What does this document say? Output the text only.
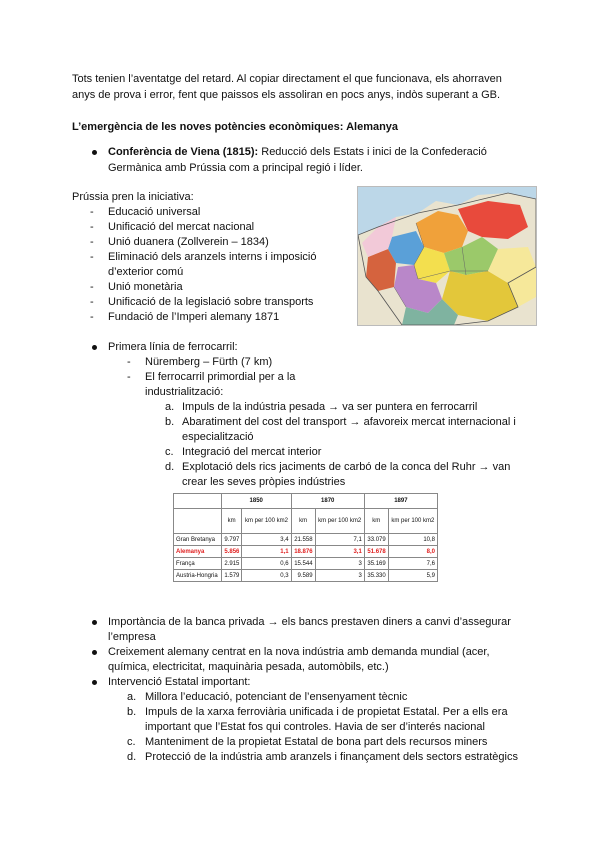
Tots tenien l’aventatge del retard. Al copiar directament el que funcionava, els ahorraven

anys de prova i error, fent que paissos els assoliran en pocs anys, indòs superant a GB.

L’emergència de les noves potències econòmiques: Alemanya

Conferència de Viena (1815): Reducció dels Estats i inici de la Confederació

Germànica amb Prússia com a principal regió i líder.

Prússia pren la iniciativa:

- Educació universal

- Unificació del mercat nacional

- Unió duanera (Zollverein – 1834)

- Eliminació dels aranzels interns i imposició

d’exterior comú

- Unió monetària

- Unificació de la legislació sobre transports

- Fundació de l’Imperi alemany 1871

Primera línia de ferrocarril:

- Nüremberg – Fürth (7 km)

- El ferrocarril primordial per a la

industrialització:

a. Impuls de la indústria pesada → va ser puntera en ferrocarril

b. Abaratiment del cost del transport → afavoreix mercat internacional i

especialització

c. Integració del mercat interior

d. Explotació dels rics jaciments de carbó de la conca del Ruhr → van

crear les seves pròpies indústries

	1850		1870		1897	
	km	km per 100 km2	km	km per 100 km2	km	km per 100 km2
Gran Bretanya	9.797	3,4	21.558	7,1	33.079	10,8
Alemanya	5.856	1,1	18.876	3,1	51.678	8,0
França	2.915	0,6	15.544	3	35.169	7,6
Austria-Hongria	1.579	0,3	9.589	3	35.330	5,9

Importància de la banca privada → els bancs prestaven diners a canvi d’assegurar

l’empresa

Creixement alemany centrat en la nova indústria amb demanda mundial (acer,

química, electricitat, maquinària pesada, automòbils, etc.)

Intervenció Estatal important:

a. Millora l’educació, potenciant de l’ensenyament tècnic

b. Impuls de la xarxa ferroviària unificada i de propietat Estatal. Per a ells era

important que l’Estat fos qui controles. Havia de ser d’interés nacional

c. Manteniment de la propietat Estatal de bona part dels recursos miners

d. Protecció de la indústria amb aranzels i finançament dels sectors estratègics
